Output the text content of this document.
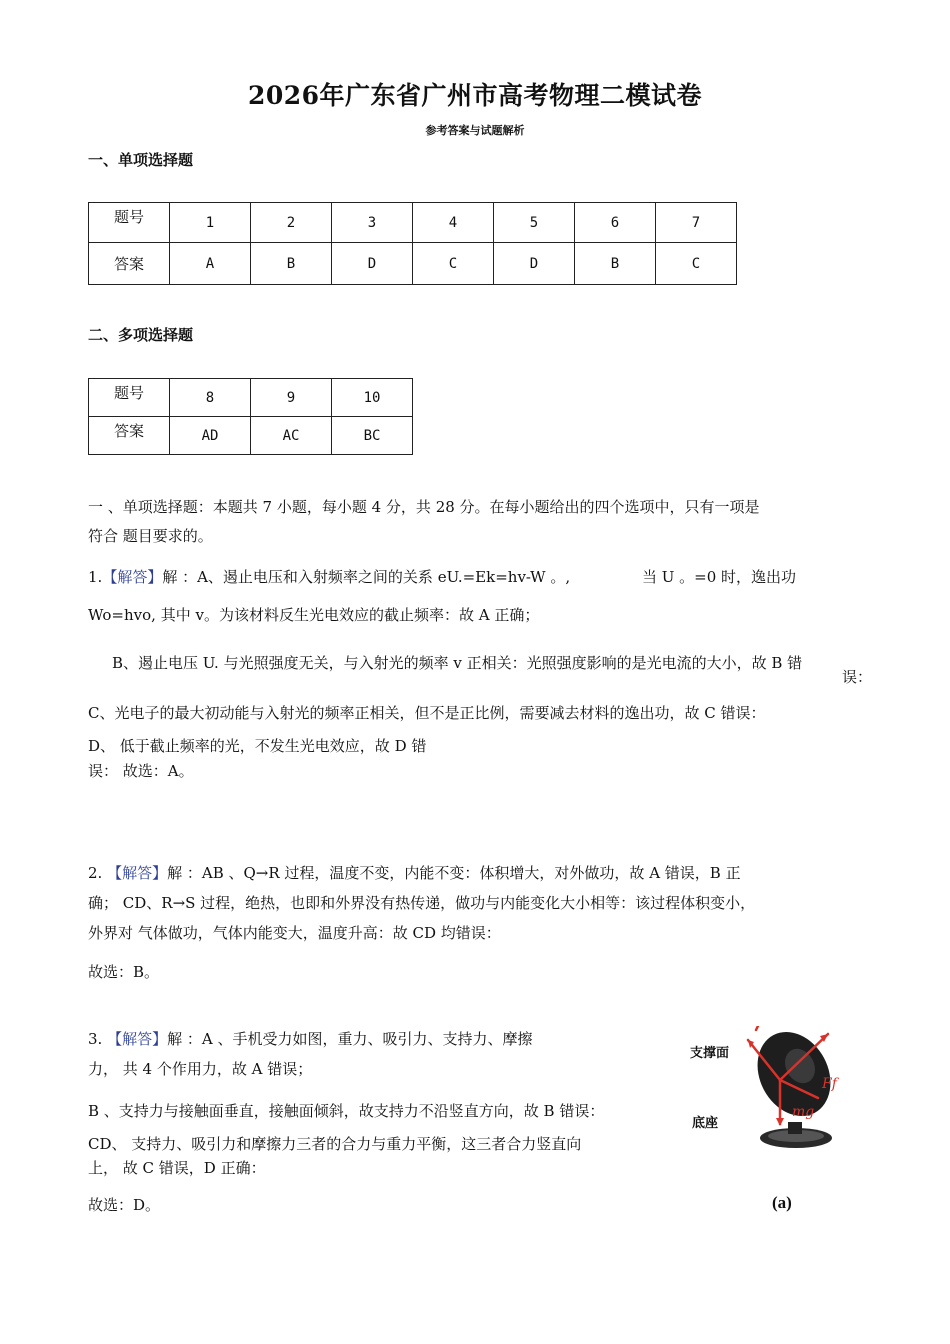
2026年广东省广州市高考物理二模试卷
参考答案与试题解析
一、单项选择题
题号	1	2	3	4	5	6	7
答案	A	B	D	C	D	B	C
二、多项选择题
题号	8	9	10
答案	AD	AC	BC
一 、单项选择题：本题共 7 小题，每小题 4 分，共 28 分。在每小题给出的四个选项中，只有一项是
符合 题目要求的。
1.【解答】解 ：A、遏止电压和入射频率之间的关系 eU.=Ek=hv-W 。,	当 U 。=0 时，逸出功
Wo=hvo, 其中 v。为该材料反生光电效应的截止频率：故 A 正确；
B、遏止电压 U. 与光照强度无关，与入射光的频率 v 正相关：光照强度影响的是光电流的大小，故 B 错
误：
C、光电子的最大初动能与入射光的频率正相关，但不是正比例，需要减去材料的逸出功，故 C 错误：
D、 低于截止频率的光，不发生光电效应，故 D 错
误： 故选：A。
2. 【解答】解 ：AB 、Q→R 过程，温度不变，内能不变：体积增大，对外做功，故 A 错误，B 正
确； CD、R→S 过程，绝热，也即和外界没有热传递，做功与内能变化大小相等：该过程体积变小，
外界对 气体做功，气体内能变大，温度升高：故 CD 均错误：
故选：B。
3. 【解答】解 ：A 、手机受力如图，重力、吸引力、支持力、摩擦
力， 共 4 个作用力，故 A 错误；
B 、支持力与接触面垂直，接触面倾斜，故支持力不沿竖直方向，故 B 错误：
CD、 支持力、吸引力和摩擦力三者的合力与重力平衡，这三者合力竖直向
上， 故 C 错误，D 正确：
故选：D。
支撑面
底座
Ff
mg
(a)
